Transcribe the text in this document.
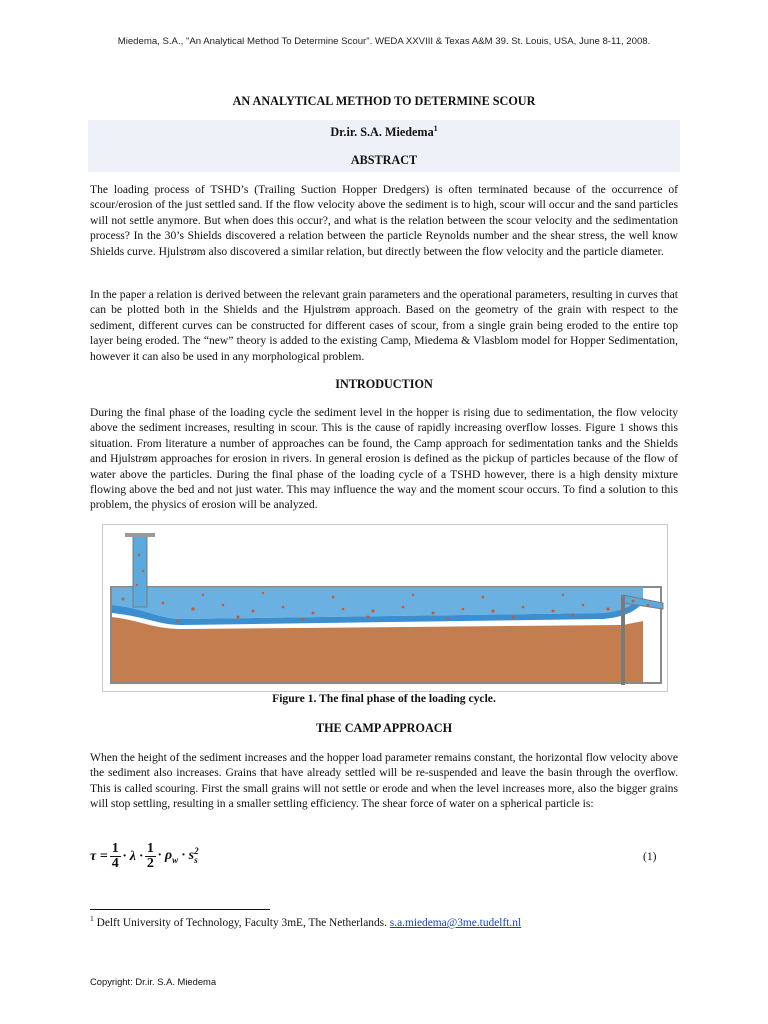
Miedema, S.A., "An Analytical Method To Determine Scour". WEDA XXVIII & Texas A&M 39. St. Louis, USA, June 8-11, 2008.
AN ANALYTICAL METHOD TO DETERMINE SCOUR
Dr.ir. S.A. Miedema$^1$
ABSTRACT

The loading process of TSHD’s (Trailing Suction Hopper Dredgers) is often terminated because of the occurrence of scour/erosion of the just settled sand. If the flow velocity above the sediment is to high, scour will occur and the sand particles will not settle anymore. But when does this occur?, and what is the relation between the scour velocity and the sedimentation process? In the 30’s Shields discovered a relation between the particle Reynolds number and the shear stress, the well know Shields curve. Hjulstrøm also discovered a similar relation, but directly between the flow velocity and the particle diameter.

In the paper a relation is derived between the relevant grain parameters and the operational parameters, resulting in curves that can be plotted both in the Shields and the Hjulstrøm approach. Based on the geometry of the grain with respect to the sediment, different curves can be constructed for different cases of scour, from a single grain being eroded to the entire top layer being eroded. The “new” theory is added to the existing Camp, Miedema & Vlasblom model for Hopper Sedimentation, however it can also be used in any morphological problem.

INTRODUCTION

During the final phase of the loading cycle the sediment level in the hopper is rising due to sedimentation, the flow velocity above the sediment increases, resulting in scour. This is the cause of rapidly increasing overflow losses. Figure 1 shows this situation. From literature a number of approaches can be found, the Camp approach for sedimentation tanks and the Shields and Hjulstrøm approaches for erosion in rivers. In general erosion is defined as the pickup of particles because of the flow of water above the particles. During the final phase of the loading cycle of a TSHD however, there is a high density mixture flowing above the bed and not just water. This may influence the way and the moment scour occurs. To find a solution to this problem, the physics of erosion will be analyzed.

Figure 1. The final phase of the loading cycle.
THE CAMP APPROACH

When the height of the sediment increases and the hopper load parameter remains constant, the horizontal flow velocity above the sediment also increases. Grains that have already settled will be re-suspended and leave the basin through the overflow. This is called scouring. First the small grains will not settle or erode and when the level increases more, also the bigger grains will stop settling, resulting in a smaller settling efficiency. The shear force of water on a spherical particle is:

$\tau = \frac{1}{4} \cdot \lambda \cdot \frac{1}{2} \cdot \rho_w \cdot s$ 2
s	(1)
$^1$ Delft University of Technology, Faculty 3mE, The Netherlands. s.a.miedema@3me.tudelft.nl
Copyright: Dr.ir. S.A. Miedema
